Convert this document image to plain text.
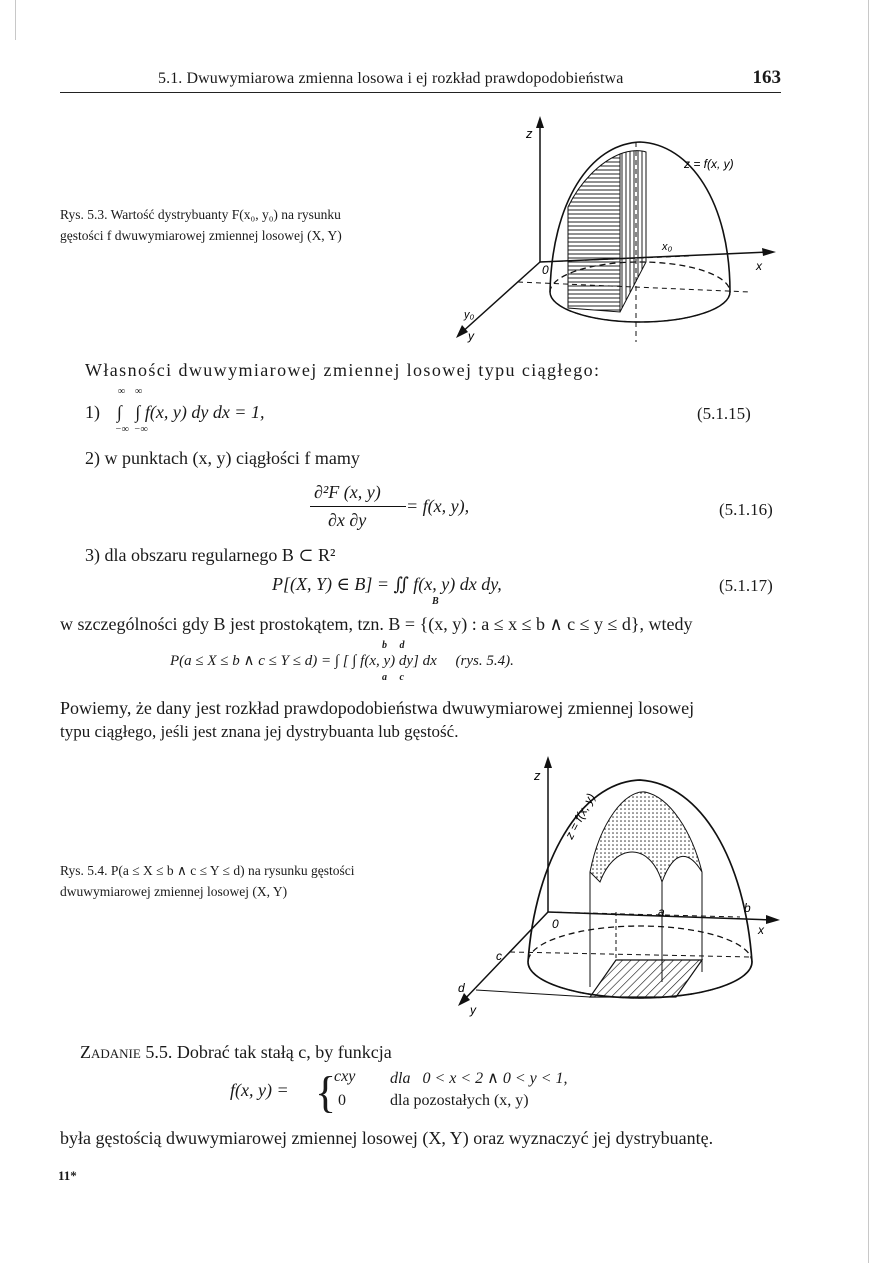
5.1. Dwuwymiarowa zmienna losowa i ej rozkład prawdopodobieństwa	163
Rys. 5.3. Wartość dystrybuanty F(x₀, y₀) na rysunku
gęstości f dwuwymiarowej zmiennej losowej (X, Y)
z
z = f(x, y)
x₀
0	x
y₀
y
Własności dwuwymiarowej zmiennej losowej typu ciągłego:
∞    ∞
1) ∫   ∫ f(x, y) dy dx = 1,
−∞  −∞
(5.1.15)
2) w punktach (x, y) ciągłości f mamy
∂²F (x, y)
∂x ∂y
= f(x, y),	(5.1.16)
3) dla obszaru regularnego B ⊂ R²
P[(X, Y) ∈ B] = ∬ f(x, y) dx dy,
B
(5.1.17)
w szczególności gdy B jest prostokątem, tzn. B = {(x, y) : a ≤ x ≤ b ∧ c ≤ y ≤ d}, wtedy
b     d
P(a ≤ X ≤ b ∧ c ≤ Y ≤ d) = ∫ [ ∫ f(x, y) dy] dx     (rys. 5.4).
a     c
Powiemy, że dany jest rozkład prawdopodobieństwa dwuwymiarowej zmiennej losowej
typu ciągłego, jeśli jest znana jej dystrybuanta lub gęstość.
Rys. 5.4. P(a ≤ X ≤ b ∧ c ≤ Y ≤ d) na rysunku gęstości
dwuwymiarowej zmiennej losowej (X, Y)
z
z = f(x, y)
0
a	b
x
c
d
y
Zadanie 5.5. Dobrać tak stałą c, by funkcja
f(x, y) = {
cxy dla   0 < x < 2 ∧ 0 < y < 1,
0	dla pozostałych (x, y)
była gęstością dwuwymiarowej zmiennej losowej (X, Y) oraz wyznaczyć jej dystrybuantę.
11*
